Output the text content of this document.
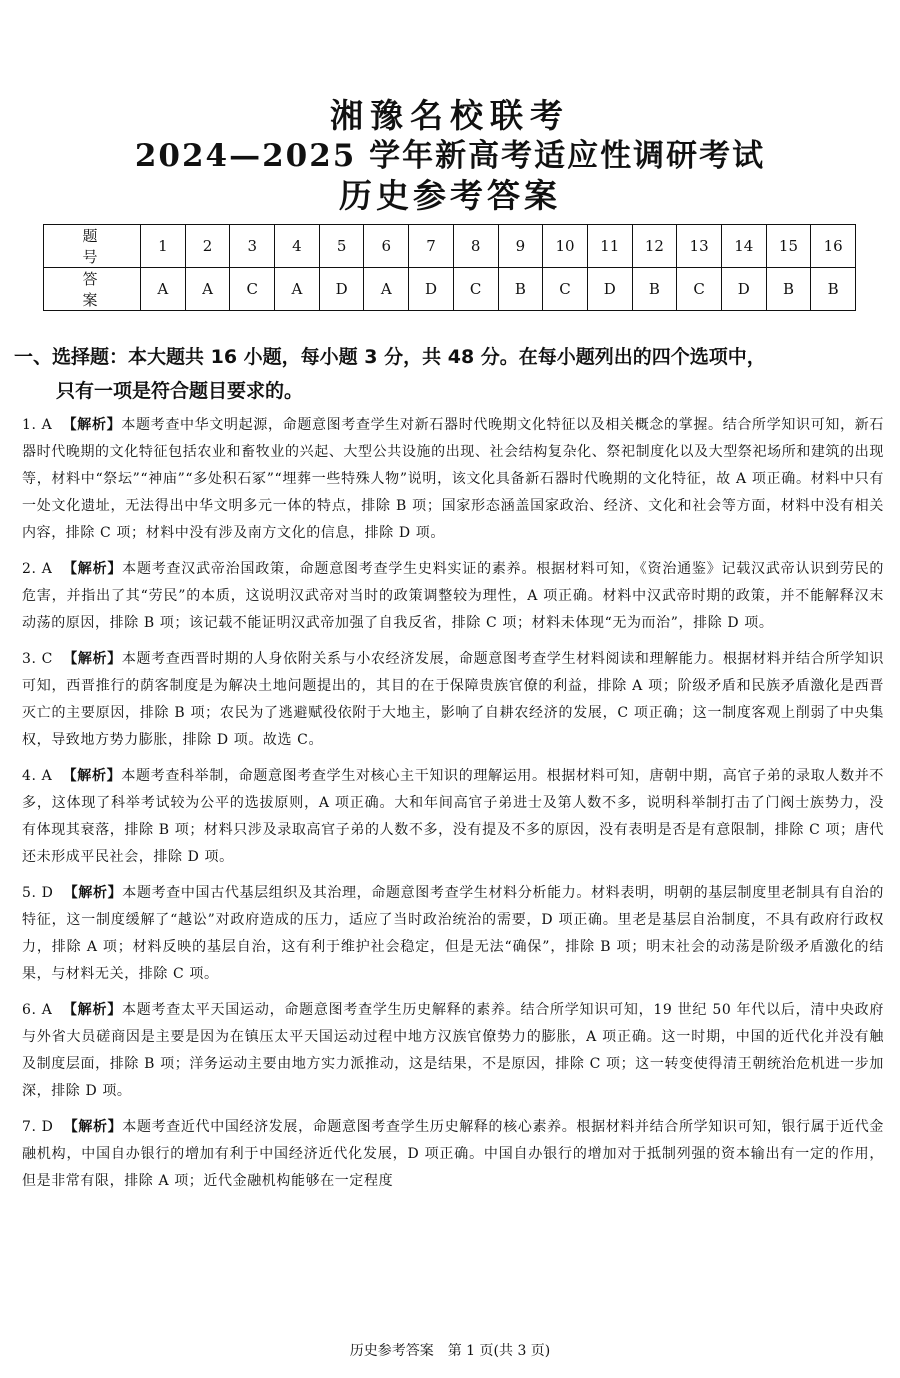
湘豫名校联考
2024—2025 学年新高考适应性调研考试
历史参考答案
题　号	1	2	3	4	5	6	7	8	9	10	11	12	13	14	15	16
答　案	A	A	C	A	D	A	D	C	B	C	D	B	C	D	B	B
一、选择题：本大题共 16 小题，每小题 3 分，共 48 分。在每小题列出的四个选项中，
只有一项是符合题目要求的。
1. A 【解析】本题考查中华文明起源，命题意图考查学生对新石器时代晚期文化特征以及相关概念的掌握。结合所学知识可知，新石器时代晚期的文化特征包括农业和畜牧业的兴起、大型公共设施的出现、社会结构复杂化、祭祀制度化以及大型祭祀场所和建筑的出现等，材料中“祭坛”“神庙”“多处积石冢”“埋葬一些特殊人物”说明，该文化具备新石器时代晚期的文化特征，故 A 项正确。材料中只有一处文化遗址，无法得出中华文明多元一体的特点，排除 B 项；国家形态涵盖国家政治、经济、文化和社会等方面，材料中没有相关内容，排除 C 项；材料中没有涉及南方文化的信息，排除 D 项。
2. A 【解析】本题考查汉武帝治国政策，命题意图考查学生史料实证的素养。根据材料可知，《资治通鉴》记载汉武帝认识到劳民的危害，并指出了其“劳民”的本质，这说明汉武帝对当时的政策调整较为理性，A 项正确。材料中汉武帝时期的政策，并不能解释汉末动荡的原因，排除 B 项；该记载不能证明汉武帝加强了自我反省，排除 C 项；材料未体现“无为而治”，排除 D 项。
3. C 【解析】本题考查西晋时期的人身依附关系与小农经济发展，命题意图考查学生材料阅读和理解能力。根据材料并结合所学知识可知，西晋推行的荫客制度是为解决土地问题提出的，其目的在于保障贵族官僚的利益，排除 A 项；阶级矛盾和民族矛盾激化是西晋灭亡的主要原因，排除 B 项；农民为了逃避赋役依附于大地主，影响了自耕农经济的发展，C 项正确；这一制度客观上削弱了中央集权，导致地方势力膨胀，排除 D 项。故选 C。
4. A 【解析】本题考查科举制，命题意图考查学生对核心主干知识的理解运用。根据材料可知，唐朝中期，高官子弟的录取人数并不多，这体现了科举考试较为公平的选拔原则，A 项正确。大和年间高官子弟进士及第人数不多，说明科举制打击了门阀士族势力，没有体现其衰落，排除 B 项；材料只涉及录取高官子弟的人数不多，没有提及不多的原因，没有表明是否是有意限制，排除 C 项；唐代还未形成平民社会，排除 D 项。
5. D 【解析】本题考查中国古代基层组织及其治理，命题意图考查学生材料分析能力。材料表明，明朝的基层制度里老制具有自治的特征，这一制度缓解了“越讼”对政府造成的压力，适应了当时政治统治的需要，D 项正确。里老是基层自治制度，不具有政府行政权力，排除 A 项；材料反映的基层自治，这有利于维护社会稳定，但是无法“确保”，排除 B 项；明末社会的动荡是阶级矛盾激化的结果，与材料无关，排除 C 项。
6. A 【解析】本题考查太平天国运动，命题意图考查学生历史解释的素养。结合所学知识可知，19 世纪 50 年代以后，清中央政府与外省大员磋商因是主要是因为在镇压太平天国运动过程中地方汉族官僚势力的膨胀，A 项正确。这一时期，中国的近代化并没有触及制度层面，排除 B 项；洋务运动主要由地方实力派推动，这是结果，不是原因，排除 C 项；这一转变使得清王朝统治危机进一步加深，排除 D 项。
7. D 【解析】本题考查近代中国经济发展，命题意图考查学生历史解释的核心素养。根据材料并结合所学知识可知，银行属于近代金融机构，中国自办银行的增加有利于中国经济近代化发展，D 项正确。中国自办银行的增加对于抵制列强的资本输出有一定的作用，但是非常有限，排除 A 项；近代金融机构能够在一定程度
历史参考答案　第 1 页(共 3 页)
